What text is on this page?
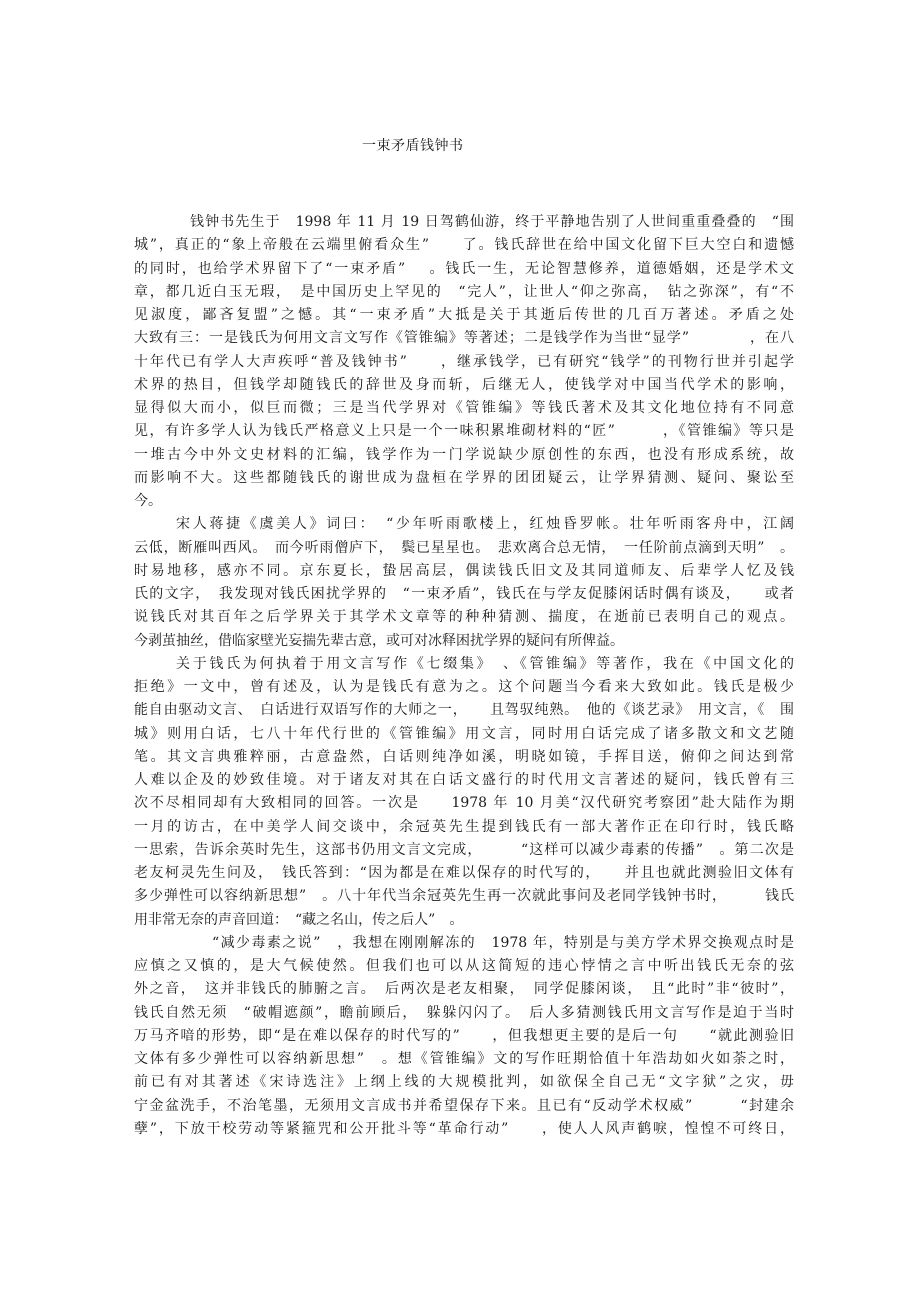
一束矛盾钱钟书
钱钟书先生于　1998 年 11 月 19 日驾鹤仙游，终于平静地告别了人世间重重叠叠的　“围
城”，真正的“象上帝般在云端里俯看众生”　　了。钱氏辞世在给中国文化留下巨大空白和遗憾
的同时，也给学术界留下了“一束矛盾”　 。钱氏一生，无论智慧修养，道德婚姻，还是学术文
章，都几近白玉无瑕，　是中国历史上罕见的　“完人”，让世人“仰之弥高，　钻之弥深”，有“不
见淑度，鄙吝复盟”之憾。其“一束矛盾”大抵是关于其逝后传世的几百万著述。矛盾之处
大致有三：一是钱氏为何用文言文写作《管锥编》等著述；二是钱学作为当世“显学”　　　　，在八
十年代已有学人大声疾呼“普及钱钟书”　　，继承钱学，已有研究“钱学”的刊物行世并引起学
术界的热目，但钱学却随钱氏的辞世及身而斩，后继无人，使钱学对中国当代学术的影响，
显得似大而小，似巨而微；三是当代学界对《管锥编》等钱氏著术及其文化地位持有不同意
见，有许多学人认为钱氏严格意义上只是一个一味积累堆砌材料的“匠”　　　，《管锥编》等只是
一堆古今中外文史材料的汇编，钱学作为一门学说缺少原创性的东西，也没有形成系统，故
而影响不大。这些都随钱氏的谢世成为盘桓在学界的团团疑云，让学界猜测、疑问、聚讼至
今。
宋人蒋捷《虞美人》词曰：　“少年听雨歌楼上，红烛昏罗帐。壮年听雨客舟中，江阔
云低，断雁叫西风。　而今听雨僧庐下，　鬓已星星也。　悲欢离合总无情，　一任阶前点滴到天明”　。
时易地移，感亦不同。京东夏长，蛰居高层，偶读钱氏旧文及其同道师友、后辈学人忆及钱
氏的文字，　我发现对钱氏困扰学界的　“一束矛盾”，钱氏在与学友促膝闲话时偶有谈及，　　或者
说钱氏对其百年之后学界关于其学术文章等的种种猜测、揣度，在逝前已表明自己的观点。
今剥茧抽丝，借临家壁光妄揣先辈古意，或可对冰释困扰学界的疑问有所俾益。
关于钱氏为何执着于用文言写作《七缀集》　、《管锥编》等著作，我在《中国文化的
拒绝》一文中，曾有述及，认为是钱氏有意为之。这个问题当今看来大致如此。钱氏是极少
能自由驱动文言、　白话进行双语写作的大师之一，　　且驾驭纯熟。　他的《谈艺录》　用文言，《　围
城》则用白话，七八十年代行世的《管锥编》用文言，同时用白话完成了诸多散文和文艺随
笔。其文言典雅粹丽，古意盎然，白话则纯净如溪，明晓如镜，手挥目送，俯仰之间达到常
人难以企及的妙致佳境。对于诸友对其在白话文盛行的时代用文言著述的疑问，钱氏曾有三
次不尽相同却有大致相同的回答。一次是　　1978 年 10 月美“汉代研究考察团”赴大陆作为期
一月的访古，在中美学人间交谈中，余冠英先生提到钱氏有一部大著作正在印行时，钱氏略
一思索，告诉余英时先生，这部书仍用文言文完成，　　　“这样可以减少毒素的传播”　。第二次是
老友柯灵先生问及，　钱氏答到：“因为都是在难以保存的时代写的，　　并且也就此测验旧文体有
多少弹性可以容纳新思想”　。八十年代当余冠英先生再一次就此事问及老同学钱钟书时，　　　钱氏
用非常无奈的声音回道：　“藏之名山，传之后人”　。
“减少毒素之说”　，我想在刚刚解冻的　1978 年，特别是与美方学术界交换观点时是
应慎之又慎的，是大气候使然。但我们也可以从这简短的违心悖情之言中听出钱氏无奈的弦
外之音，　这并非钱氏的肺腑之言。　后两次是老友相聚，　同学促膝闲谈，　且“此时”非“彼时”，
钱氏自然无须　“破帽遮颜”，瞻前顾后，　躲躲闪闪了。　后人多猜测钱氏用文言写作是迫于当时
万马齐喑的形势，即“是在难以保存的时代写的”　　，但我想更主要的是后一句　　“就此测验旧
文体有多少弹性可以容纳新思想”　。想《管锥编》文的写作旺期恰值十年浩劫如火如荼之时，
前已有对其著述《宋诗选注》上纲上线的大规模批判，如欲保全自己无“文字狱”之灾，毋
宁金盆洗手，不治笔墨，无须用文言成书并希望保存下来。且已有“反动学术权威”　　　“封建余
孽”，下放干校劳动等紧箍咒和公开批斗等“革命行动”　　，使人人风声鹤唳，惶惶不可终日，
